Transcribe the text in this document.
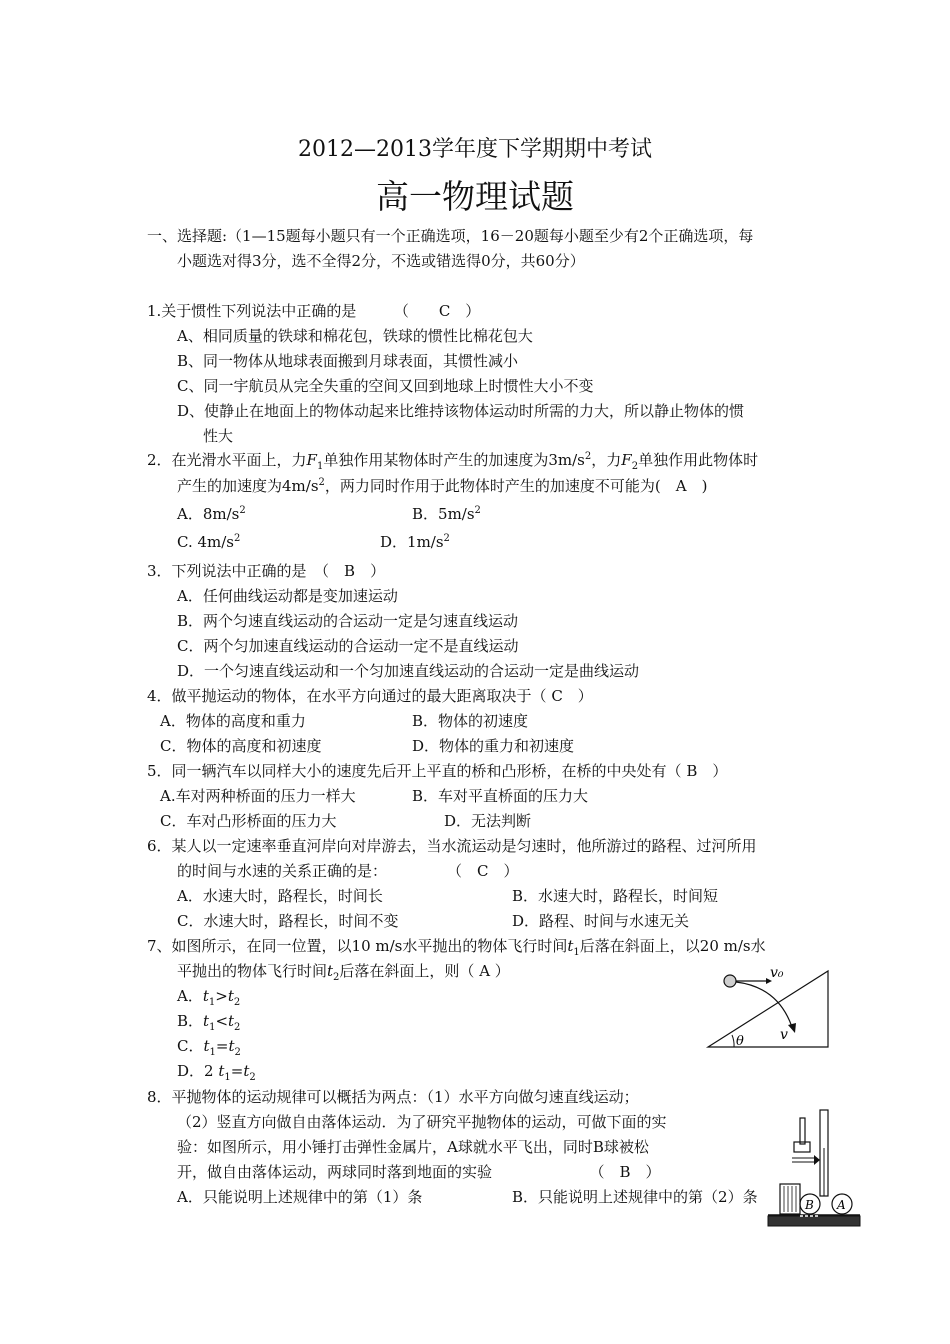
2012—2013学年度下学期期中考试
高一物理试题
一、选择题:（1—15题每小题只有一个正确选项，16－20题每小题至少有2个正确选项，每
小题选对得3分，选不全得2分，不选或错选得0分，共60分）
1.关于惯性下列说法中正确的是　　　（　　C　）
A、相同质量的铁球和棉花包，铁球的惯性比棉花包大
B、同一物体从地球表面搬到月球表面，其惯性减小
C、同一宇航员从完全失重的空间又回到地球上时惯性大小不变
D、使静止在地面上的物体动起来比维持该物体运动时所需的力大，所以静止物体的惯
性大
2．在光滑水平面上，力$F_1$单独作用某物体时产生的加速度为$3m/s^2$，力$F_2$单独作用此物体时
产生的加速度为$4m/s^2$，两力同时作用于此物体时产生的加速度不可能为(　A　)
A．$8m/s^2$	B．$5m/s^2$
C. $4m/s^2$	D．$1m/s^2$
3．下列说法中正确的是　（　B　）
A．任何曲线运动都是变加速运动
B．两个匀速直线运动的合运动一定是匀速直线运动
C．两个匀加速直线运动的合运动一定不是直线运动
D．一个匀速直线运动和一个匀加速直线运动的合运动一定是曲线运动
4．做平抛运动的物体，在水平方向通过的最大距离取决于（ C　）
A．物体的高度和重力	B．物体的初速度
C．物体的高度和初速度	D．物体的重力和初速度
5．同一辆汽车以同样大小的速度先后开上平直的桥和凸形桥，在桥的中央处有（ B　）
A.车对两种桥面的压力一样大	B．车对平直桥面的压力大
C．车对凸形桥面的压力大	D．无法判断
6．某人以一定速率垂直河岸向对岸游去，当水流运动是匀速时，他所游过的路程、过河所用
的时间与水速的关系正确的是：　　　　　（　C　）
A．水速大时，路程长，时间长	B．水速大时，路程长，时间短
C．水速大时，路程长，时间不变	D．路程、时间与水速无关
7、如图所示，在同一位置，以10 m/s水平抛出的物体飞行时间$t_1$后落在斜面上，以20 m/s水
平抛出的物体飞行时间$t_2$后落在斜面上，则（ A ）
A．$t_1>t_2$
B．$t_1<t_2$
C．$t_1=t_2$
D．2 $t_1=t_2$
v₀
v
θ
8．平抛物体的运动规律可以概括为两点：（1）水平方向做匀速直线运动；
（2）竖直方向做自由落体运动．为了研究平抛物体的运动，可做下面的实
验：如图所示，用小锤打击弹性金属片，A球就水平飞出，同时B球被松
开，做自由落体运动，两球同时落到地面的实验　　　　　　　（　B　）
A．只能说明上述规律中的第（1）条	B．只能说明上述规律中的第（2）条	B A
